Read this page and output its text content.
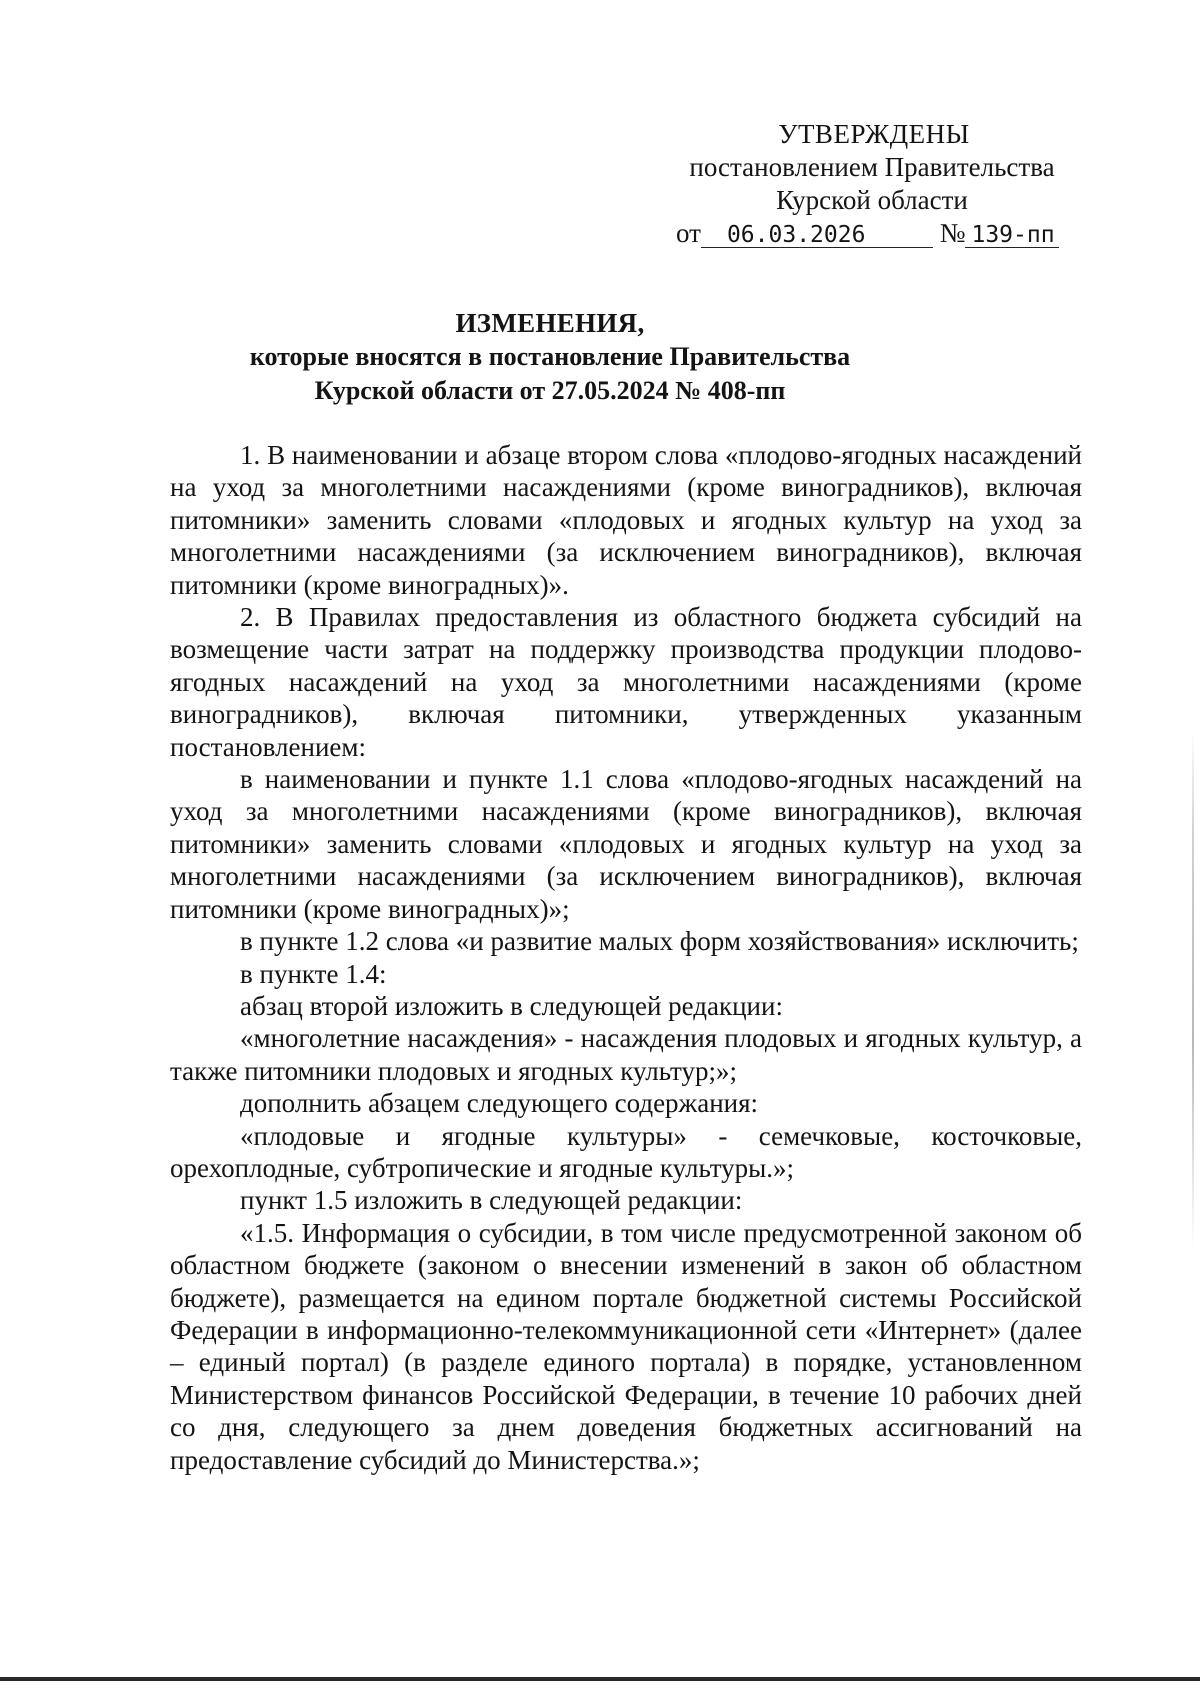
УТВЕРЖДЕНЫ
постановлением Правительства
Курской области
от 06.03.2026	№ 139-пп
ИЗМЕНЕНИЯ,
которые вносятся в постановление Правительства
Курской области от 27.05.2024 № 408-пп

1. В наименовании и абзаце втором слова «плодово-ягодных насаждений на уход за многолетними насаждениями (кроме виноградников), включая питомники» заменить словами «плодовых и ягодных культур на уход за многолетними насаждениями (за исключением виноградников), включая питомники (кроме виноградных)».

2. В Правилах предоставления из областного бюджета субсидий на возмещение части затрат на поддержку производства продукции плодово-ягодных насаждений на уход за многолетними насаждениями (кроме виноградников), включая питомники, утвержденных указанным постановлением:

в наименовании и пункте 1.1 слова «плодово-ягодных насаждений на уход за многолетними насаждениями (кроме виноградников), включая питомники» заменить словами «плодовых и ягодных культур на уход за многолетними насаждениями (за исключением виноградников), включая питомники (кроме виноградных)»;

в пункте 1.2 слова «и развитие малых форм хозяйствования» исключить;

в пункте 1.4:

абзац второй изложить в следующей редакции:

«многолетние насаждения» - насаждения плодовых и ягодных культур, а также питомники плодовых и ягодных культур;»;

дополнить абзацем следующего содержания:

«плодовые и ягодные культуры» - семечковые, косточковые, орехоплодные, субтропические и ягодные культуры.»;

пункт 1.5 изложить в следующей редакции:

«1.5. Информация о субсидии, в том числе предусмотренной законом об областном бюджете (законом о внесении изменений в закон об областном бюджете), размещается на едином портале бюджетной системы Российской Федерации в информационно-телекоммуникационной сети «Интернет» (далее – единый портал) (в разделе единого портала) в порядке, установленном Министерством финансов Российской Федерации, в течение 10 рабочих дней со дня, следующего за днем доведения бюджетных ассигнований на предоставление субсидий до Министерства.»;
